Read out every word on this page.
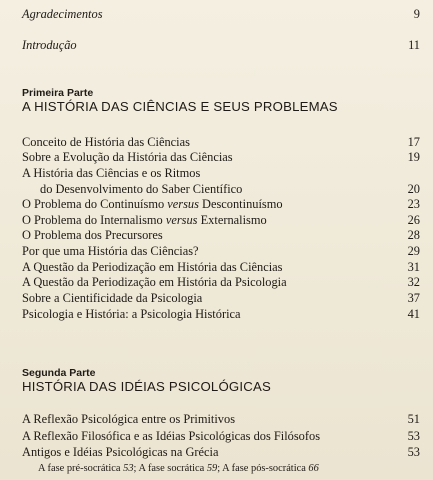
Agradecimentos	9
Introdução	11
Primeira Parte
A HISTÓRIA DAS CIÊNCIAS E SEUS PROBLEMAS
Conceito de História das Ciências	17
Sobre a Evolução da História das Ciências	19
A História das Ciências e os Ritmos
do Desenvolvimento do Saber Científico	20
O Problema do Continuísmo versus Descontinuísmo	23
O Problema do Internalismo versus Externalismo	26
O Problema dos Precursores	28
Por que uma História das Ciências?	29
A Questão da Periodização em História das Ciências	31
A Questão da Periodização em História da Psicologia	32
Sobre a Cientificidade da Psicologia	37
Psicologia e História: a Psicologia Histórica	41
Segunda Parte
HISTÓRIA DAS IDÉIAS PSICOLÓGICAS
A Reflexão Psicológica entre os Primitivos	51
A Reflexão Filosófica e as Idéias Psicológicas dos Filósofos	53
Antigos e Idéias Psicológicas na Grécia	53
A fase pré-socrática 53; A fase socrática 59; A fase pós-socrática 66
